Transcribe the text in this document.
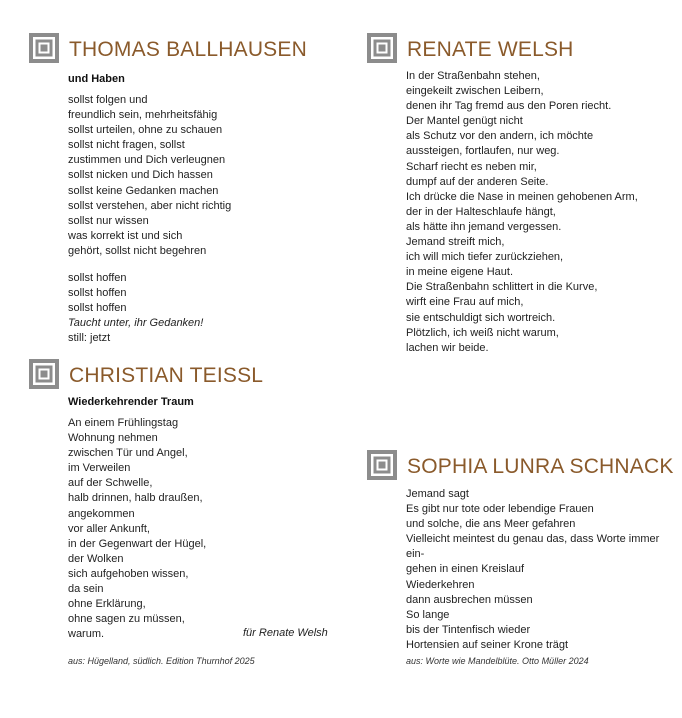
THOMAS BALLHAUSEN
und Haben
sollst folgen und
freundlich sein, mehrheitsfähig
sollst urteilen, ohne zu schauen
sollst nicht fragen, sollst
zustimmen und Dich verleugnen
sollst nicken und Dich hassen
sollst keine Gedanken machen
sollst verstehen, aber nicht richtig
sollst nur wissen
was korrekt ist und sich
gehört, sollst nicht begehren
sollst hoffen
sollst hoffen
sollst hoffen
Taucht unter, ihr Gedanken!
still: jetzt
RENATE WELSH
In der Straßenbahn stehen,
eingekeilt zwischen Leibern,
denen ihr Tag fremd aus den Poren riecht.
Der Mantel genügt nicht
als Schutz vor den andern, ich möchte
aussteigen, fortlaufen, nur weg.
Scharf riecht es neben mir,
dumpf auf der anderen Seite.
Ich drücke die Nase in meinen gehobenen Arm,
der in der Halteschlaufe hängt,
als hätte ihn jemand vergessen.
Jemand streift mich,
ich will mich tiefer zurückziehen,
in meine eigene Haut.
Die Straßenbahn schlittert in die Kurve,
wirft eine Frau auf mich,
sie entschuldigt sich wortreich.
Plötzlich, ich weiß nicht warum,
lachen wir beide.
CHRISTIAN TEISSL
Wiederkehrender Traum
An einem Frühlingstag
Wohnung nehmen
zwischen Tür und Angel,
im Verweilen
auf der Schwelle,
halb drinnen, halb draußen,
angekommen
vor aller Ankunft,
in der Gegenwart der Hügel,
der Wolken
sich aufgehoben wissen,
da sein
ohne Erklärung,
ohne sagen zu müssen,
warum.	für Renate Welsh
aus: Hügelland, südlich. Edition Thurnhof 2025
SOPHIA LUNRA SCHNACK
Jemand sagt
Es gibt nur tote oder lebendige Frauen
und solche, die ans Meer gefahren
Vielleicht meintest du genau das, dass Worte immer
ein-
gehen in einen Kreislauf
Wiederkehren
dann ausbrechen müssen
So lange
bis der Tintenfisch wieder
Hortensien auf seiner Krone trägt
aus: Worte wie Mandelblüte. Otto Müller 2024
